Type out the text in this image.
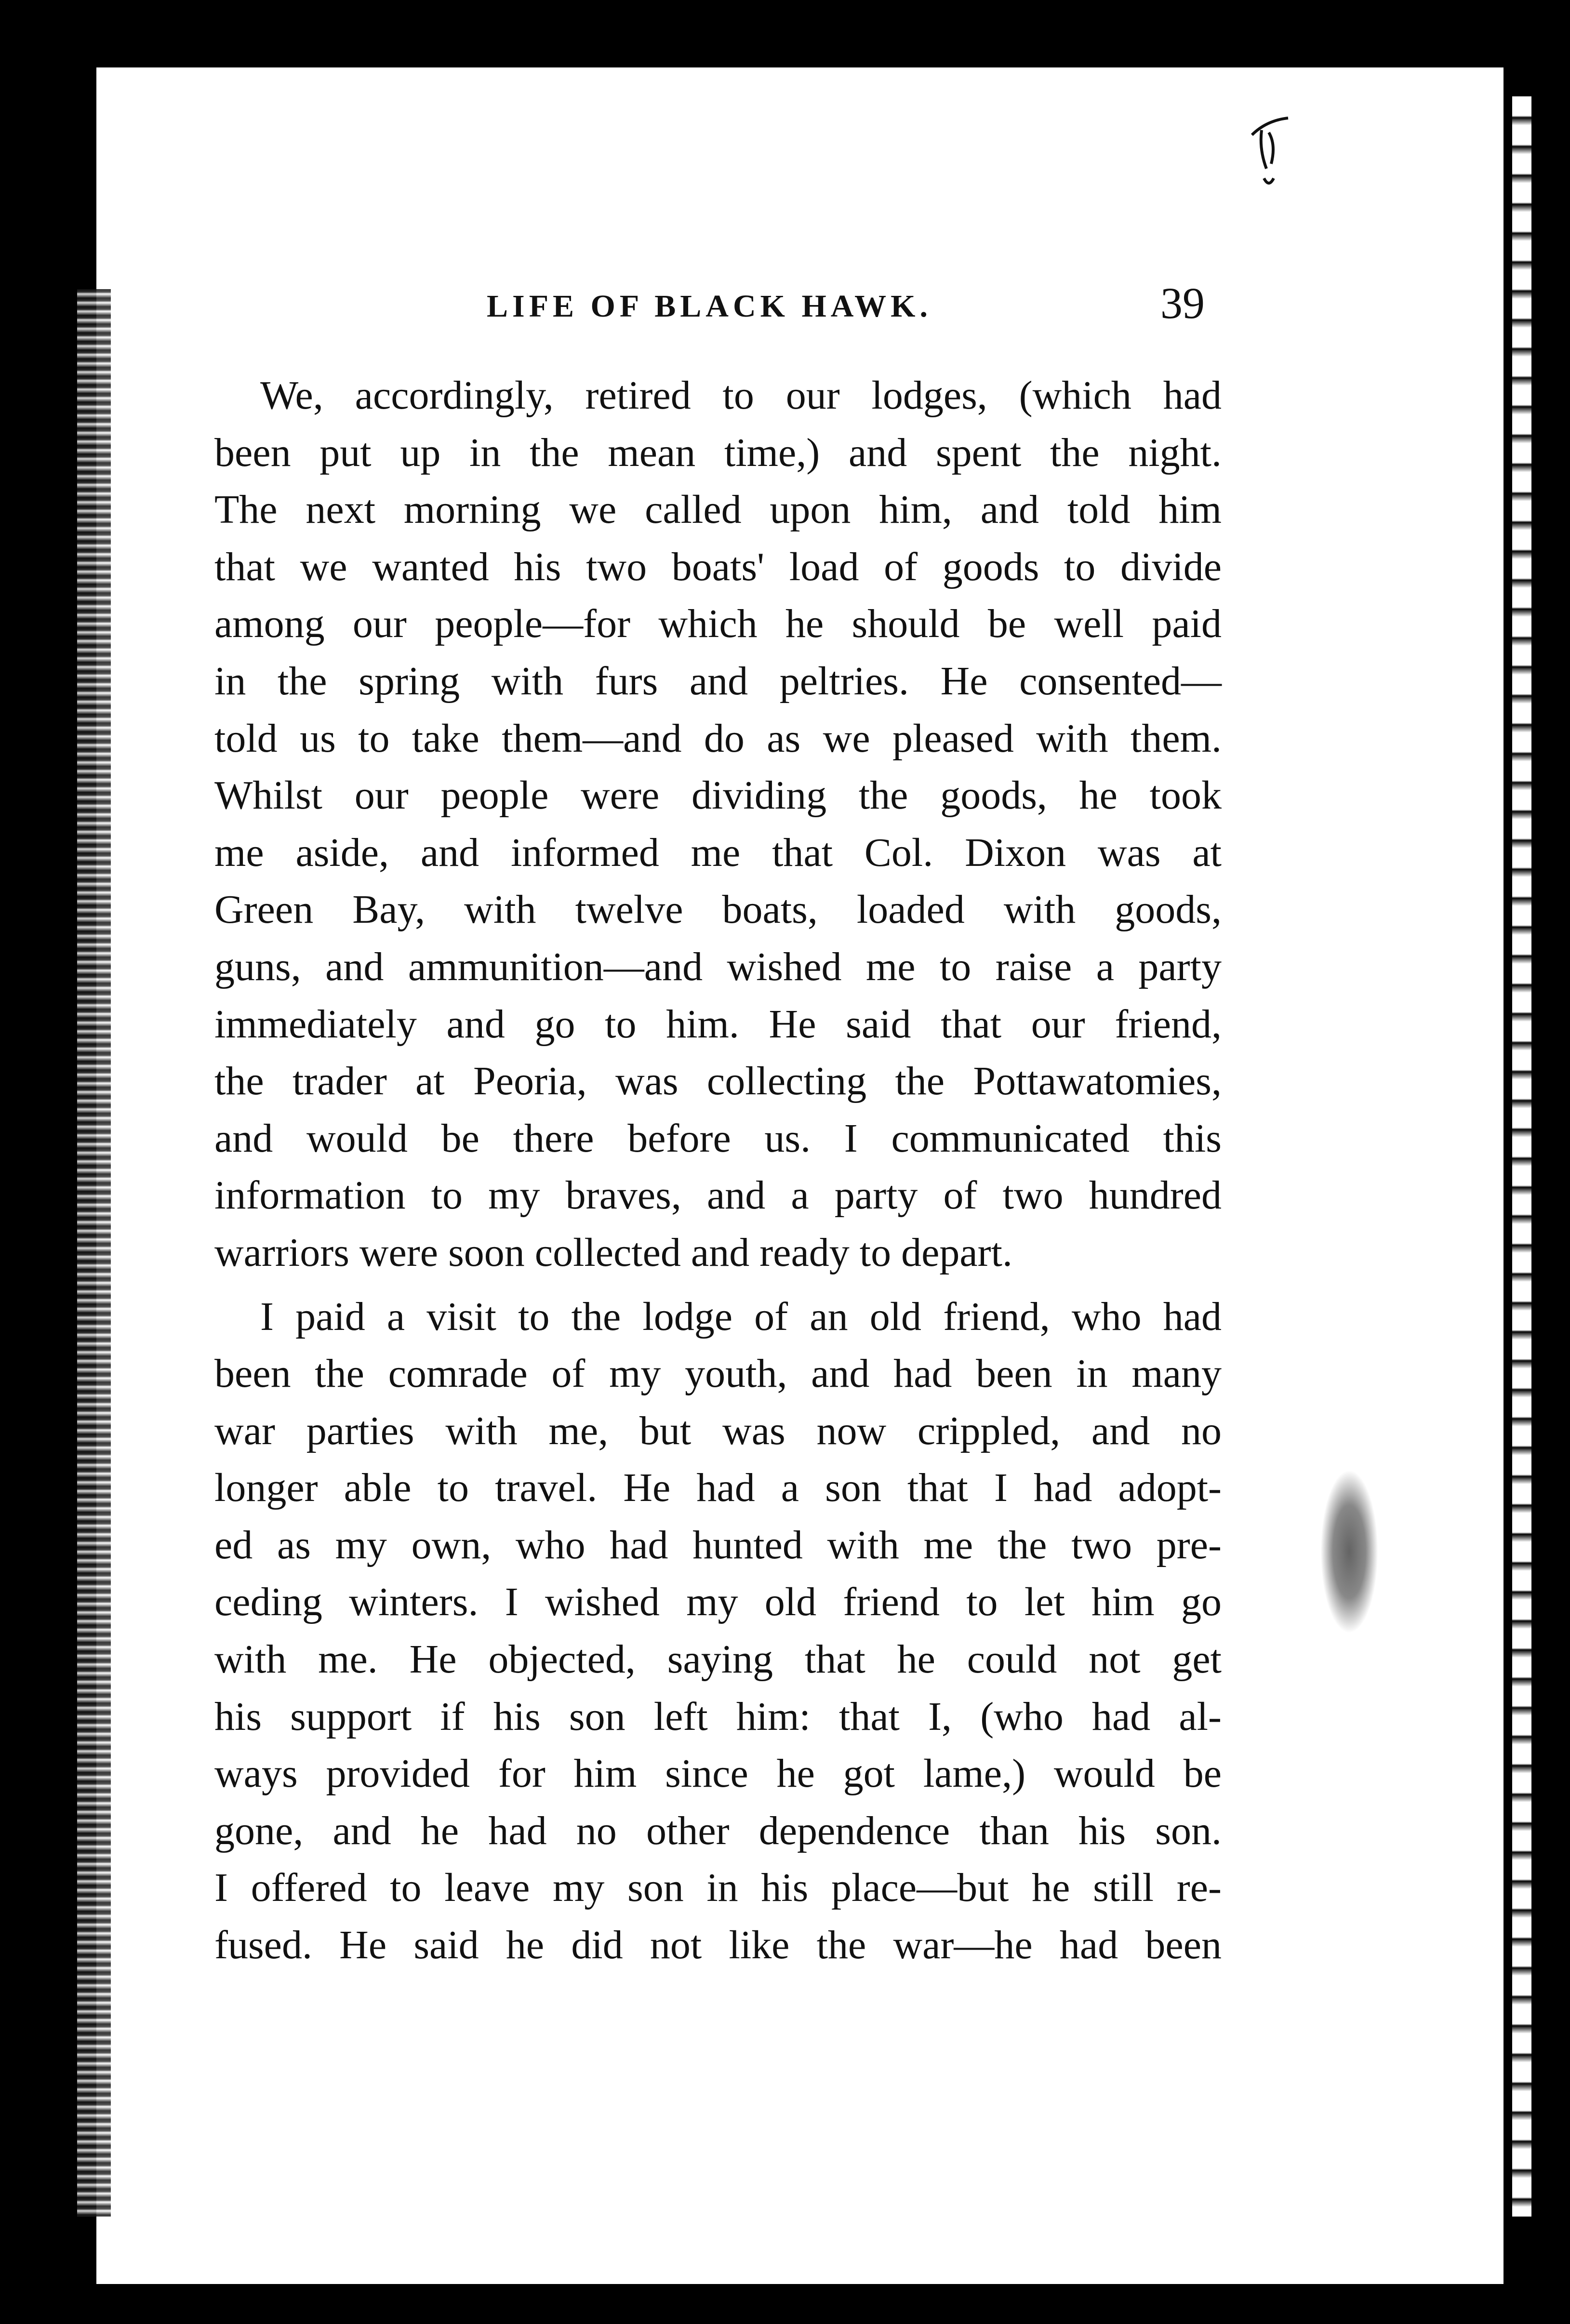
LIFE OF BLACK HAWK.	39
We, accordingly, retired to our lodges, (which had
been put up in the mean time,) and spent the night.
The next morning we called upon him, and told him
that we wanted his two boats' load of goods to divide
among our people—for which he should be well paid
in the spring with furs and peltries. He consented—
told us to take them—and do as we pleased with them.
Whilst our people were dividing the goods, he took
me aside, and informed me that Col. Dixon was at
Green Bay, with twelve boats, loaded with goods,
guns, and ammunition—and wished me to raise a party
immediately and go to him. He said that our friend,
the trader at Peoria, was collecting the Pottawatomies,
and would be there before us. I communicated this
information to my braves, and a party of two hundred
warriors were soon collected and ready to depart.
I paid a visit to the lodge of an old friend, who had
been the comrade of my youth, and had been in many
war parties with me, but was now crippled, and no
longer able to travel. He had a son that I had adopt-
ed as my own, who had hunted with me the two pre-
ceding winters. I wished my old friend to let him go
with me. He objected, saying that he could not get
his support if his son left him: that I, (who had al-
ways provided for him since he got lame,) would be
gone, and he had no other dependence than his son.
I offered to leave my son in his place—but he still re-
fused. He said he did not like the war—he had been
